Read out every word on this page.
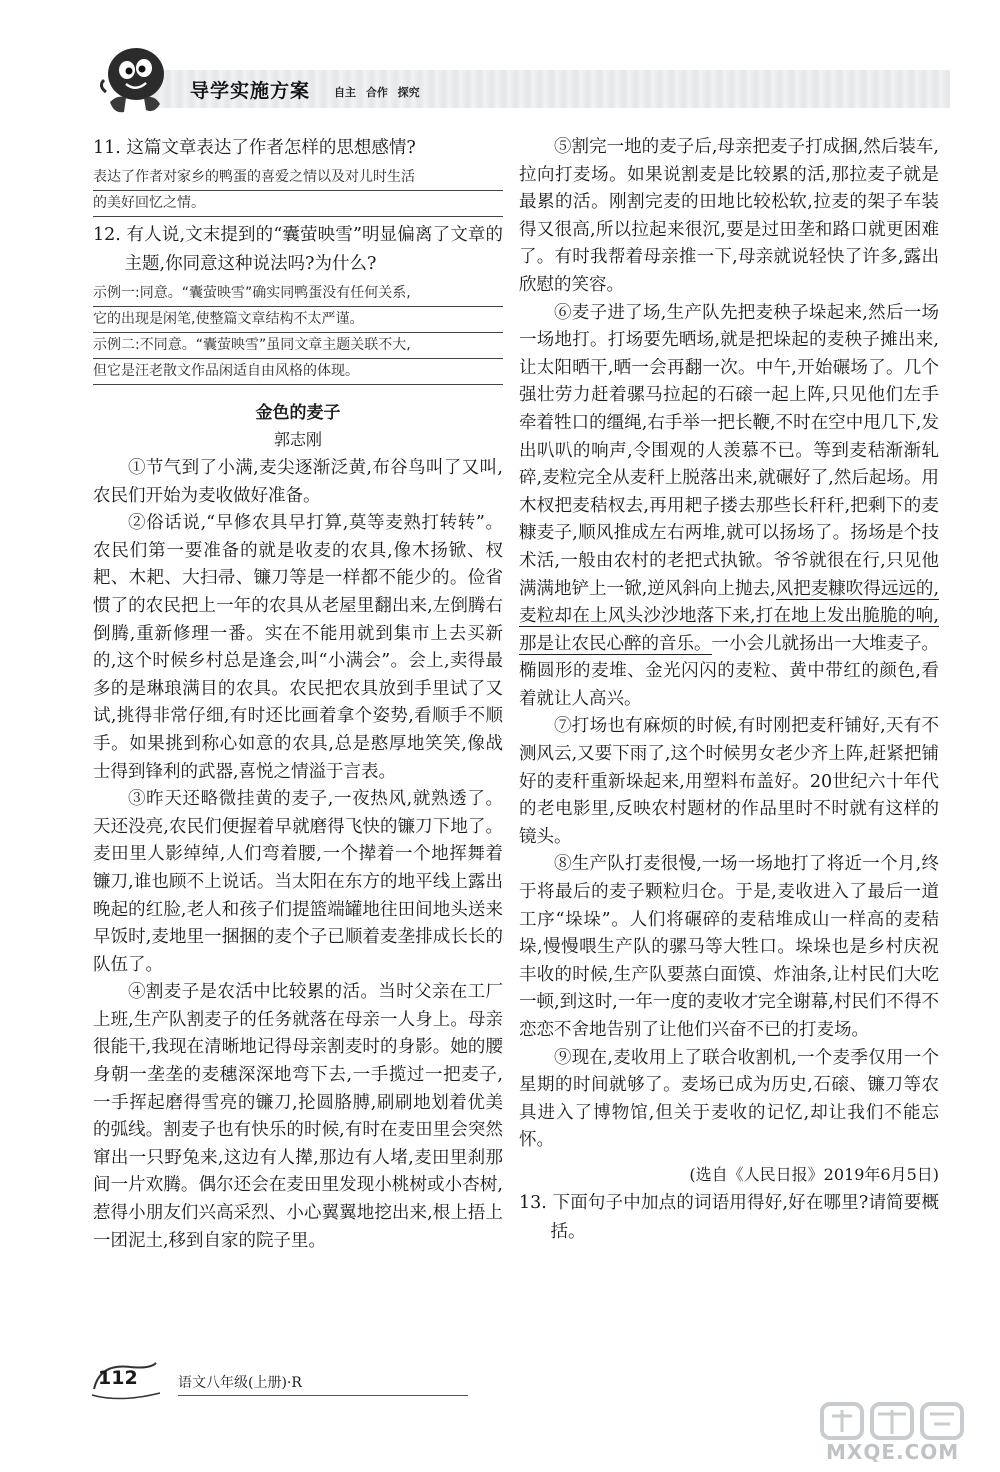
导学实施方案 自主 合作 探究
11. 这篇文章表达了作者怎样的思想感情?
表达了作者对家乡的鸭蛋的喜爱之情以及对儿时生活
的美好回忆之情。
12. 有人说,文末提到的“囊萤映雪”明显偏离了文章的主题,你同意这种说法吗?为什么?
示例一:同意。“囊萤映雪”确实同鸭蛋没有任何关系,
它的出现是闲笔,使整篇文章结构不太严谨。
示例二:不同意。“囊萤映雪”虽同文章主题关联不大,
但它是汪老散文作品闲适自由风格的体现。
金色的麦子
郭志刚
①节气到了小满,麦尖逐渐泛黄,布谷鸟叫了又叫,农民们开始为麦收做好准备。
②俗话说,“早修农具早打算,莫等麦熟打转转”。农民们第一要准备的就是收麦的农具,像木扬锨、杈耙、木耙、大扫帚、镰刀等是一样都不能少的。俭省惯了的农民把上一年的农具从老屋里翻出来,左倒腾右倒腾,重新修理一番。实在不能用就到集市上去买新的,这个时候乡村总是逢会,叫“小满会”。会上,卖得最多的是琳琅满目的农具。农民把农具放到手里试了又试,挑得非常仔细,有时还比画着拿个姿势,看顺手不顺手。如果挑到称心如意的农具,总是憨厚地笑笑,像战士得到锋利的武器,喜悦之情溢于言表。
③昨天还略微挂黄的麦子,一夜热风,就熟透了。天还没亮,农民们便握着早就磨得飞快的镰刀下地了。麦田里人影绰绰,人们弯着腰,一个撵着一个地挥舞着镰刀,谁也顾不上说话。当太阳在东方的地平线上露出晚起的红脸,老人和孩子们提篮端罐地往田间地头送来早饭时,麦地里一捆捆的麦个子已顺着麦垄排成长长的队伍了。
④割麦子是农活中比较累的活。当时父亲在工厂上班,生产队割麦子的任务就落在母亲一人身上。母亲很能干,我现在清晰地记得母亲割麦时的身影。她的腰身朝一垄垄的麦穗深深地弯下去,一手揽过一把麦子,一手挥起磨得雪亮的镰刀,抡圆胳膊,刷刷地划着优美的弧线。割麦子也有快乐的时候,有时在麦田里会突然窜出一只野兔来,这边有人撵,那边有人堵,麦田里刹那间一片欢腾。偶尔还会在麦田里发现小桃树或小杏树,惹得小朋友们兴高采烈、小心翼翼地挖出来,根上捂上一团泥土,移到自家的院子里。
⑤割完一地的麦子后,母亲把麦子打成捆,然后装车,拉向打麦场。如果说割麦是比较累的活,那拉麦子就是最累的活。刚割完麦的田地比较松软,拉麦的架子车装得又很高,所以拉起来很沉,要是过田垄和路口就更困难了。有时我帮着母亲推一下,母亲就说轻快了许多,露出欣慰的笑容。
⑥麦子进了场,生产队先把麦秧子垛起来,然后一场一场地打。打场要先晒场,就是把垛起的麦秧子摊出来,让太阳晒干,晒一会再翻一次。中午,开始碾场了。几个强壮劳力赶着骡马拉起的石磙一起上阵,只见他们左手牵着牲口的缰绳,右手举一把长鞭,不时在空中甩几下,发出叭叭的响声,令围观的人羡慕不已。等到麦秸渐渐轧碎,麦粒完全从麦秆上脱落出来,就碾好了,然后起场。用木杈把麦秸杈去,再用耙子搂去那些长秆秆,把剩下的麦糠麦子,顺风推成左右两堆,就可以扬场了。扬场是个技术活,一般由农村的老把式执锨。爷爷就很在行,只见他满满地铲上一锨,逆风斜向上抛去,风把麦糠吹得远远的,麦粒却在上风头沙沙地落下来,打在地上发出脆脆的响,那是让农民心醉的音乐。一小会儿就扬出一大堆麦子。椭圆形的麦堆、金光闪闪的麦粒、黄中带红的颜色,看着就让人高兴。
⑦打场也有麻烦的时候,有时刚把麦秆铺好,天有不测风云,又要下雨了,这个时候男女老少齐上阵,赶紧把铺好的麦秆重新垛起来,用塑料布盖好。20世纪六十年代的老电影里,反映农村题材的作品里时不时就有这样的镜头。
⑧生产队打麦很慢,一场一场地打了将近一个月,终于将最后的麦子颗粒归仓。于是,麦收进入了最后一道工序“垛垛”。人们将碾碎的麦秸堆成山一样高的麦秸垛,慢慢喂生产队的骡马等大牲口。垛垛也是乡村庆祝丰收的时候,生产队要蒸白面馍、炸油条,让村民们大吃一顿,到这时,一年一度的麦收才完全谢幕,村民们不得不恋恋不舍地告别了让他们兴奋不已的打麦场。
⑨现在,麦收用上了联合收割机,一个麦季仅用一个星期的时间就够了。麦场已成为历史,石磙、镰刀等农具进入了博物馆,但关于麦收的记忆,却让我们不能忘怀。
(选自《人民日报》2019年6月5日)
13. 下面句子中加点的词语用得好,好在哪里?请简要概括。
112	语文八年级(上册)·R
MXQE.COM
